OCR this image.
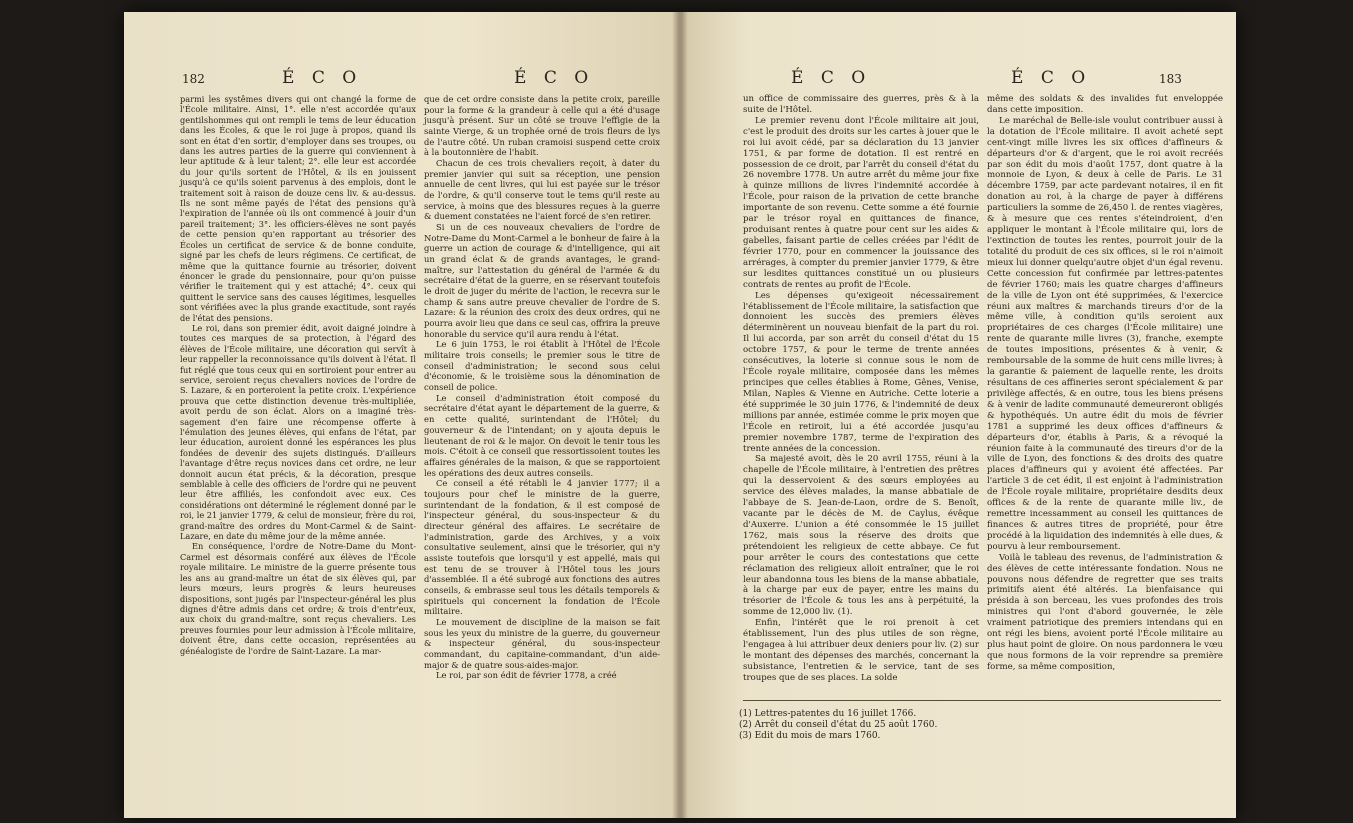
182	É C O	É C O

parmi les systêmes divers qui ont changé la forme de l'École militaire. Ainsi, 1°. elle n'est accordée qu'aux gentilshommes qui ont rempli le tems de leur éducation dans les Écoles, & que le roi juge à propos, quand ils sont en état d'en sortir, d'employer dans ses troupes, ou dans les autres parties de la guerre qui conviennent à leur aptitude & à leur talent; 2°. elle leur est accordée du jour qu'ils sortent de l'Hôtel, & ils en jouissent jusqu'à ce qu'ils soient parvenus à des emplois, dont le traitement soit à raison de douze cens liv. & au-dessus. Ils ne sont même payés de l'état des pensions qu'à l'expiration de l'année où ils ont commencé à jouir d'un pareil traitement; 3°. les officiers-élèves ne sont payés de cette pension qu'en rapportant au trésorier des Écoles un certificat de service & de bonne conduite, signé par les chefs de leurs régimens. Ce certificat, de même que la quittance fournie au trésorier, doivent énoncer le grade du pensionnaire, pour qu'on puisse vérifier le traitement qui y est attaché; 4°. ceux qui quittent le service sans des causes légitimes, lesquelles sont vérifiées avec la plus grande exactitude, sont rayés de l'état des pensions.

Le roi, dans son premier édit, avoit daigné joindre à toutes ces marques de sa protection, à l'égard des élèves de l'École militaire, une décoration qui servît à leur rappeller la reconnoissance qu'ils doivent à l'état. Il fut réglé que tous ceux qui en sortiroient pour entrer au service, seroient reçus chevaliers novices de l'ordre de S. Lazare, & en porteroient la petite croix. L'expérience prouva que cette distinction devenue très-multipliée, avoit perdu de son éclat. Alors on a imaginé très-sagement d'en faire une récompense offerte à l'émulation des jeunes élèves, qui enfans de l'état, par leur éducation, auroient donné les espérances les plus fondées de devenir des sujets distingués. D'ailleurs l'avantage d'être reçus novices dans cet ordre, ne leur donnoit aucun état précis, & la décoration, presque semblable à celle des officiers de l'ordre qui ne peuvent leur être affiliés, les confondoit avec eux. Ces considérations ont déterminé le réglement donné par le roi, le 21 janvier 1779, & celui de monsieur, frère du roi, grand-maître des ordres du Mont-Carmel & de Saint-Lazare, en date du même jour de la même année.

En conséquence, l'ordre de Notre-Dame du Mont-Carmel est désormais conféré aux élèves de l'École royale militaire. Le ministre de la guerre présente tous les ans au grand-maître un état de six élèves qui, par leurs mœurs, leurs progrès & leurs heureuses dispositions, sont jugés par l'inspecteur-général les plus dignes d'être admis dans cet ordre; & trois d'entr'eux, aux choix du grand-maître, sont reçus chevaliers. Les preuves fournies pour leur admission à l'École militaire, doivent être, dans cette occasion, représentées au généalogiste de l'ordre de Saint-Lazare. La mar-

que de cet ordre consiste dans la petite croix, pareille pour la forme & la grandeur à celle qui a été d'usage jusqu'à présent. Sur un côté se trouve l'effigie de la sainte Vierge, & un trophée orné de trois fleurs de lys de l'autre côté. Un ruban cramoisi suspend cette croix à la boutonnière de l'habit.

Chacun de ces trois chevaliers reçoit, à dater du premier janvier qui suit sa réception, une pension annuelle de cent livres, qui lui est payée sur le trésor de l'ordre, & qu'il conserve tout le tems qu'il reste au service, à moins que des blessures reçues à la guerre & duement constatées ne l'aient forcé de s'en retirer.

Si un de ces nouveaux chevaliers de l'ordre de Notre-Dame du Mont-Carmel a le bonheur de faire à la guerre un action de courage & d'intelligence, qui ait un grand éclat & de grands avantages, le grand-maître, sur l'attestation du général de l'armée & du secrétaire d'état de la guerre, en se réservant toutefois le droit de juger du mérite de l'action, le recevra sur le champ & sans autre preuve chevalier de l'ordre de S. Lazare: & la réunion des croix des deux ordres, qui ne pourra avoir lieu que dans ce seul cas, offrira la preuve honorable du service qu'il aura rendu à l'état.

Le 6 juin 1753, le roi établit à l'Hôtel de l'École militaire trois conseils; le premier sous le titre de conseil d'administration; le second sous celui d'économie, & le troisième sous la dénomination de conseil de police.

Le conseil d'administration étoit composé du secrétaire d'état ayant le département de la guerre, & en cette qualité, surintendant de l'Hôtel; du gouverneur & de l'intendant; on y ajouta depuis le lieutenant de roi & le major. On devoit le tenir tous les mois. C'étoit à ce conseil que ressortissoient toutes les affaires générales de la maison, & que se rapportoient les opérations des deux autres conseils.

Ce conseil a été rétabli le 4 janvier 1777; il a toujours pour chef le ministre de la guerre, surintendant de la fondation, & il est composé de l'inspecteur général, du sous-inspecteur & du directeur général des affaires. Le secrétaire de l'administration, garde des Archives, y a voix consultative seulement, ainsi que le trésorier, qui n'y assiste toutefois que lorsqu'il y est appellé, mais qui est tenu de se trouver à l'Hôtel tous les jours d'assemblée. Il a été subrogé aux fonctions des autres conseils, & embrasse seul tous les détails temporels & spirituels qui concernent la fondation de l'École militaire.

Le mouvement de discipline de la maison se fait sous les yeux du ministre de la guerre, du gouverneur & inspecteur général, du sous-inspecteur commandant, du capitaine-commandant, d'un aide-major & de quatre sous-aides-major.

Le roi, par son édit de février 1778, a créé

É C O	É C O	183

un office de commissaire des guerres, près & à la suite de l'Hôtel.

Le premier revenu dont l'École militaire ait joui, c'est le produit des droits sur les cartes à jouer que le roi lui avoit cédé, par sa déclaration du 13 janvier 1751, & par forme de dotation. Il est rentré en possession de ce droit, par l'arrêt du conseil d'état du 26 novembre 1778. Un autre arrêt du même jour fixe à quinze millions de livres l'indemnité accordée à l'École, pour raison de la privation de cette branche importante de son revenu. Cette somme a été fournie par le trésor royal en quittances de finance, produisant rentes à quatre pour cent sur les aides & gabelles, faisant partie de celles créées par l'édit de février 1770, pour en commencer la jouissance des arrérages, à compter du premier janvier 1779, & être sur lesdites quittances constitué un ou plusieurs contrats de rentes au profit de l'École.

Les dépenses qu'exigeoit nécessairement l'établissement de l'École militaire, la satisfaction que donnoient les succès des premiers élèves déterminèrent un nouveau bienfait de la part du roi. Il lui accorda, par son arrêt du conseil d'état du 15 octobre 1757, & pour le terme de trente années consécutives, la loterie si connue sous le nom de l'École royale militaire, composée dans les mêmes principes que celles établies à Rome, Gênes, Venise, Milan, Naples & Vienne en Autriche. Cette loterie a été supprimée le 30 juin 1776, & l'indemnité de deux millions par année, estimée comme le prix moyen que l'École en retiroit, lui a été accordée jusqu'au premier novembre 1787, terme de l'expiration des trente années de la concession.

Sa majesté avoit, dès le 20 avril 1755, réuni à la chapelle de l'École militaire, à l'entretien des prêtres qui la desservoient & des sœurs employées au service des élèves malades, la manse abbatiale de l'abbaye de S. Jean-de-Laon, ordre de S. Benoît, vacante par le décès de M. de Caylus, évêque d'Auxerre. L'union a été consommée le 15 juillet 1762, mais sous la réserve des droits que prétendoient les religieux de cette abbaye. Ce fut pour arrêter le cours des contestations que cette réclamation des religieux alloit entraîner, que le roi leur abandonna tous les biens de la manse abbatiale, à la charge par eux de payer, entre les mains du trésorier de l'École & tous les ans à perpétuité, la somme de 12,000 liv. (1).

Enfin, l'intérêt que le roi prenoit à cet établissement, l'un des plus utiles de son règne, l'engagea à lui attribuer deux deniers pour liv. (2) sur le montant des dépenses des marchés, concernant la subsistance, l'entretien & le service, tant de ses troupes que de ses places. La solde

même des soldats & des invalides fut enveloppée dans cette imposition.

Le maréchal de Belle-isle voulut contribuer aussi à la dotation de l'École militaire. Il avoit acheté sept cent-vingt mille livres les six offices d'affineurs & départeurs d'or & d'argent, que le roi avoit recréés par son édit du mois d'août 1757, dont quatre à la monnoie de Lyon, & deux à celle de Paris. Le 31 décembre 1759, par acte pardevant notaires, il en fit donation au roi, à la charge de payer à différens particuliers la somme de 26,450 l. de rentes viagères, & à mesure que ces rentes s'éteindroient, d'en appliquer le montant à l'École militaire qui, lors de l'extinction de toutes les rentes, pourroit jouir de la totalité du produit de ces six offices, si le roi n'aimoit mieux lui donner quelqu'autre objet d'un égal revenu. Cette concession fut confirmée par lettres-patentes de février 1760; mais les quatre charges d'affineurs de la ville de Lyon ont été supprimées, & l'exercice réuni aux maîtres & marchands tireurs d'or de la même ville, à condition qu'ils seroient aux propriétaires de ces charges (l'École militaire) une rente de quarante mille livres (3), franche, exempte de toutes impositions, présentes & à venir, & remboursable de la somme de huit cens mille livres; à la garantie & paiement de laquelle rente, les droits résultans de ces affineries seront spécialement & par privilège affectés, & en outre, tous les biens présens & à venir de ladite communauté demeureront obligés & hypothéqués. Un autre édit du mois de février 1781 a supprimé les deux offices d'affineurs & départeurs d'or, établis à Paris, & a révoqué la réunion faite à la communauté des tireurs d'or de la ville de Lyon, des fonctions & des droits des quatre places d'affineurs qui y avoient été affectées. Par l'article 3 de cet édit, il est enjoint à l'administration de l'École royale militaire, propriétaire desdits deux offices & de la rente de quarante mille liv., de remettre incessamment au conseil les quittances de finances & autres titres de propriété, pour être procédé à la liquidation des indemnités à elle dues, & pourvu à leur remboursement.

Voilà le tableau des revenus, de l'administration & des élèves de cette intéressante fondation. Nous ne pouvons nous défendre de regretter que ses traits primitifs aient été altérés. La bienfaisance qui présida à son berceau, les vues profondes des trois ministres qui l'ont d'abord gouvernée, le zèle vraiment patriotique des premiers intendans qui en ont régi les biens, avoient porté l'École militaire au plus haut point de gloire. On nous pardonnera le vœu que nous formons de la voir reprendre sa première forme, sa même composition,

(1) Lettres-patentes du 16 juillet 1766.
(2) Arrêt du conseil d'état du 25 août 1760.
(3) Edit du mois de mars 1760.
